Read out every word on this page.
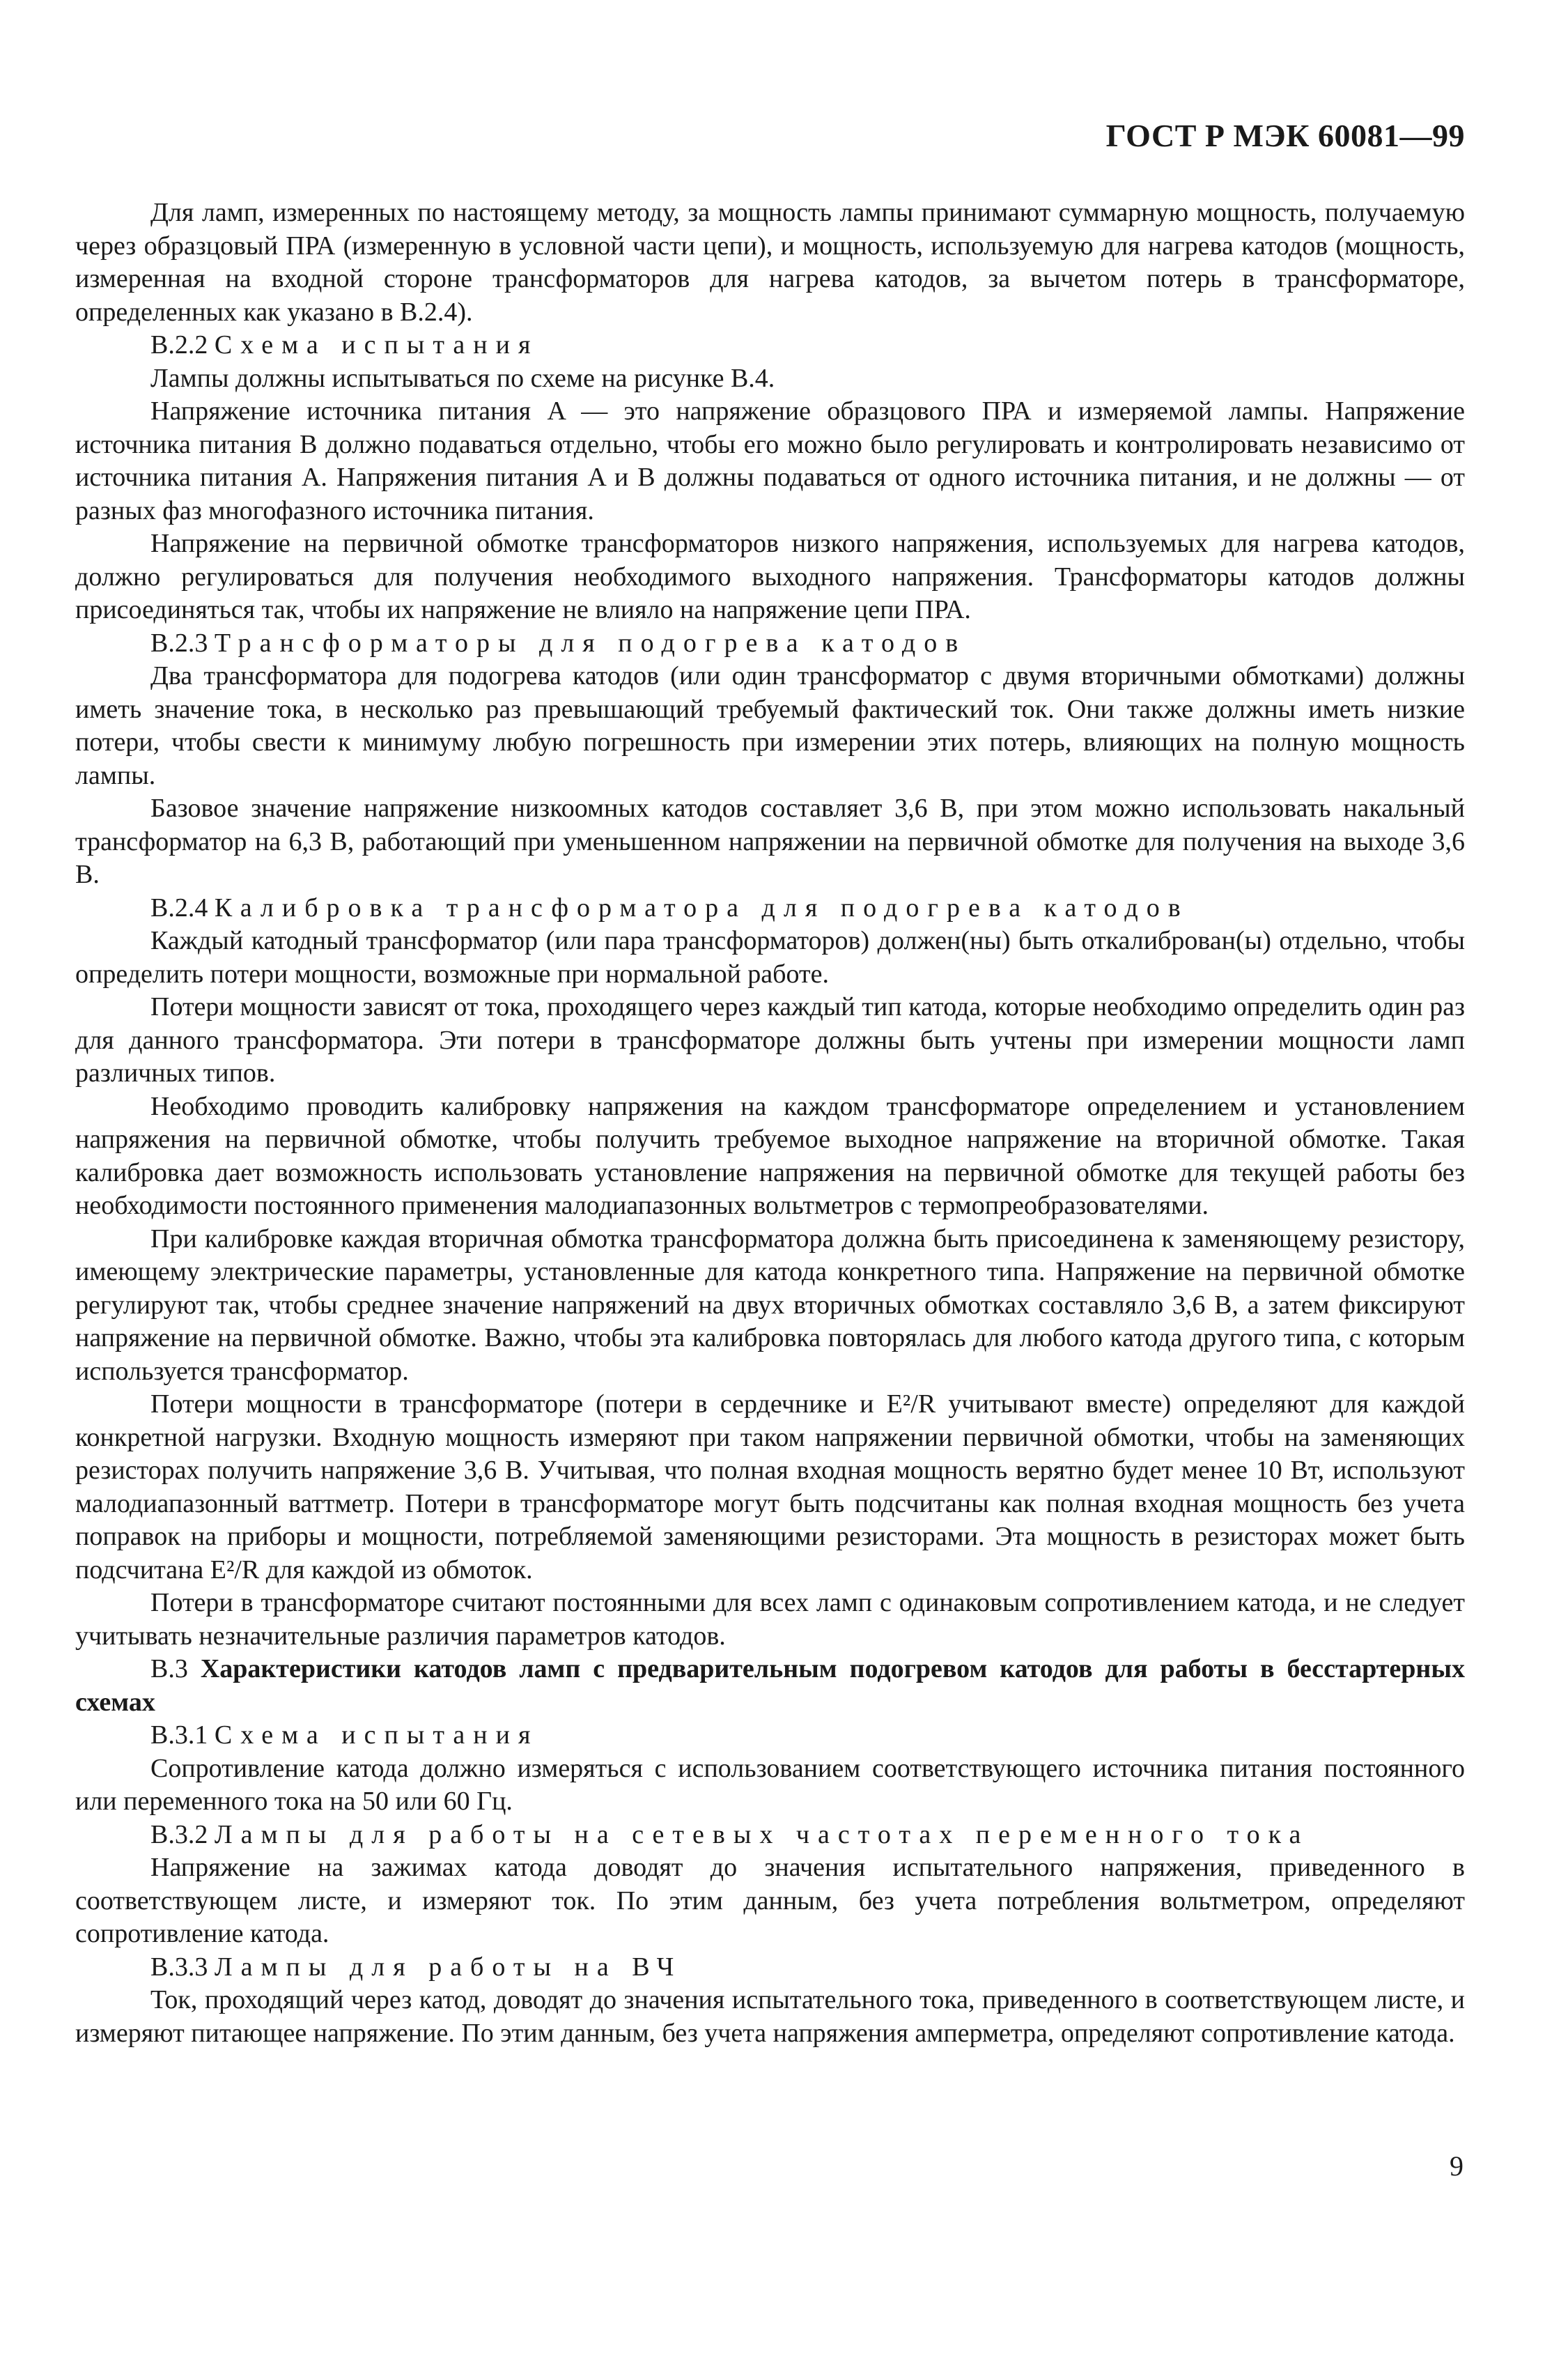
ГОСТ Р МЭК 60081—99

Для ламп, измеренных по настоящему методу, за мощность лампы принимают суммарную мощность, получаемую через образцовый ПРА (измеренную в условной части цепи), и мощность, используемую для нагрева катодов (мощность, измеренная на входной стороне трансформаторов для нагрева катодов, за вычетом потерь в трансформаторе, определенных как указано в В.2.4).

В.2.2 Схема испытания

Лампы должны испытываться по схеме на рисунке В.4.

Напряжение источника питания A — это напряжение образцового ПРА и измеряемой лампы. Напряжение источника питания B должно подаваться отдельно, чтобы его можно было регулировать и контролировать независимо от источника питания A. Напряжения питания A и B должны подаваться от одного источника питания, и не должны — от разных фаз многофазного источника питания.

Напряжение на первичной обмотке трансформаторов низкого напряжения, используемых для нагрева катодов, должно регулироваться для получения необходимого выходного напряжения. Трансформаторы катодов должны присоединяться так, чтобы их напряжение не влияло на напряжение цепи ПРА.

В.2.3 Трансформаторы для подогрева катодов

Два трансформатора для подогрева катодов (или один трансформатор с двумя вторичными обмотками) должны иметь значение тока, в несколько раз превышающий требуемый фактический ток. Они также должны иметь низкие потери, чтобы свести к минимуму любую погрешность при измерении этих потерь, влияющих на полную мощность лампы.

Базовое значение напряжение низкоомных катодов составляет 3,6 В, при этом можно использовать накальный трансформатор на 6,3 В, работающий при уменьшенном напряжении на первичной обмотке для получения на выходе 3,6 В.

В.2.4 Калибровка трансформатора для подогрева катодов

Каждый катодный трансформатор (или пара трансформаторов) должен(ны) быть откалиброван(ы) отдельно, чтобы определить потери мощности, возможные при нормальной работе.

Потери мощности зависят от тока, проходящего через каждый тип катода, которые необходимо определить один раз для данного трансформатора. Эти потери в трансформаторе должны быть учтены при измерении мощности ламп различных типов.

Необходимо проводить калибровку напряжения на каждом трансформаторе определением и установлением напряжения на первичной обмотке, чтобы получить требуемое выходное напряжение на вторичной обмотке. Такая калибровка дает возможность использовать установление напряжения на первичной обмотке для текущей работы без необходимости постоянного применения малодиапазонных вольтметров с термопреобразователями.

При калибровке каждая вторичная обмотка трансформатора должна быть присоединена к заменяющему резистору, имеющему электрические параметры, установленные для катода конкретного типа. Напряжение на первичной обмотке регулируют так, чтобы среднее значение напряжений на двух вторичных обмотках составляло 3,6 В, а затем фиксируют напряжение на первичной обмотке. Важно, чтобы эта калибровка повторялась для любого катода другого типа, с которым используется трансформатор.

Потери мощности в трансформаторе (потери в сердечнике и E²/R учитывают вместе) определяют для каждой конкретной нагрузки. Входную мощность измеряют при таком напряжении первичной обмотки, чтобы на заменяющих резисторах получить напряжение 3,6 В. Учитывая, что полная входная мощность верятно будет менее 10 Вт, используют малодиапазонный ваттметр. Потери в трансформаторе могут быть подсчитаны как полная входная мощность без учета поправок на приборы и мощности, потребляемой заменяющими резисторами. Эта мощность в резисторах может быть подсчитана E²/R для каждой из обмоток.

Потери в трансформаторе считают постоянными для всех ламп с одинаковым сопротивлением катода, и не следует учитывать незначительные различия параметров катодов.

В.3 Характеристики катодов ламп с предварительным подогревом катодов для работы в бесстартерных схемах

В.3.1 Схема испытания

Сопротивление катода должно измеряться с использованием соответствующего источника питания постоянного или переменного тока на 50 или 60 Гц.

В.3.2 Лампы для работы на сетевых частотах переменного тока

Напряжение на зажимах катода доводят до значения испытательного напряжения, приведенного в соответствующем листе, и измеряют ток. По этим данным, без учета потребления вольтметром, определяют сопротивление катода.

В.3.3 Лампы для работы на ВЧ

Ток, проходящий через катод, доводят до значения испытательного тока, приведенного в соответствующем листе, и измеряют питающее напряжение. По этим данным, без учета напряжения амперметра, определяют сопротивление катода.

9
